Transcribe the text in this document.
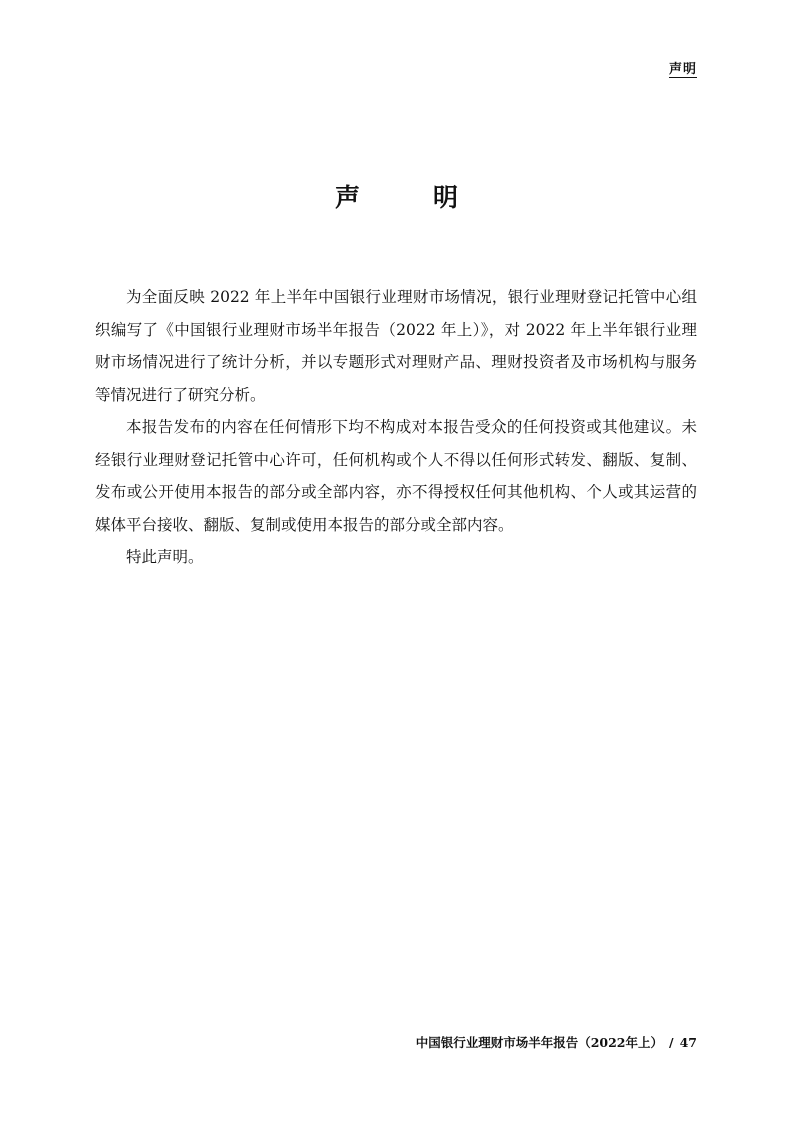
声明
声　明

为全面反映 2022 年上半年中国银行业理财市场情况，银行业理财登记托管中心组织编写了《中国银行业理财市场半年报告（2022 年上）》，对 2022 年上半年银行业理财市场情况进行了统计分析，并以专题形式对理财产品、理财投资者及市场机构与服务等情况进行了研究分析。

本报告发布的内容在任何情形下均不构成对本报告受众的任何投资或其他建议。未经银行业理财登记托管中心许可，任何机构或个人不得以任何形式转发、翻版、复制、发布或公开使用本报告的部分或全部内容，亦不得授权任何其他机构、个人或其运营的媒体平台接收、翻版、复制或使用本报告的部分或全部内容。

特此声明。

中国银行业理财市场半年报告（2022年上） / 47
